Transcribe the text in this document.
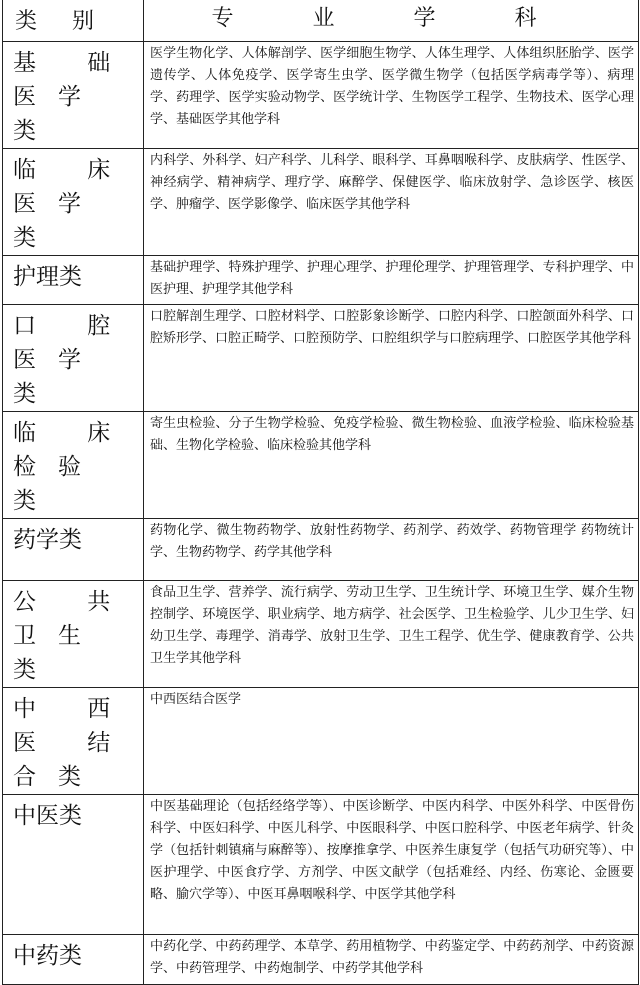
类 别	专 业 学 科
基 础 医学类	医学生物化学、人体解剖学、医学细胞生物学、人体生理学、人体组织胚胎学、医学遗传学、人体免疫学、医学寄生虫学、医学微生物学（包括医学病毒学等）、病理学、药理学、医学实验动物学、医学统计学、生物医学工程学、生物技术、医学心理学、基础医学其他学科
临 床 医学类	内科学、外科学、妇产科学、儿科学、眼科学、耳鼻咽喉科学、皮肤病学、性医学、神经病学、精神病学、理疗学、麻醉学、保健医学、临床放射学、急诊医学、核医学、肿瘤学、医学影像学、临床医学其他学科
护理类	基础护理学、特殊护理学、护理心理学、护理伦理学、护理管理学、专科护理学、中医护理、护理学其他学科
口 腔 医学类	口腔解剖生理学、口腔材料学、口腔影象诊断学、口腔内科学、口腔颌面外科学、口腔矫形学、口腔正畸学、口腔预防学、口腔组织学与口腔病理学、口腔医学其他学科
临 床 检验类	寄生虫检验、分子生物学检验、免疫学检验、微生物检验、血液学检验、临床检验基础、生物化学检验、临床检验其他学科
药学类	药物化学、微生物药物学、放射性药物学、药剂学、药效学、药物管理学 药物统计学、生物药物学、药学其他学科
公 共 卫生类	食品卫生学、营养学、流行病学、劳动卫生学、卫生统计学、环境卫生学、媒介生物控制学、环境医学、职业病学、地方病学、社会医学、卫生检验学、儿少卫生学、妇幼卫生学、毒理学、消毒学、放射卫生学、卫生工程学、优生学、健康教育学、公共卫生学其他学科
中 西 医 结 合类	中西医结合医学
中医类	中医基础理论（包括经络学等）、中医诊断学、中医内科学、中医外科学、中医骨伤科学、中医妇科学、中医儿科学、中医眼科学、中医口腔科学、中医老年病学、针灸学（包括针刺镇痛与麻醉等）、按摩推拿学、中医养生康复学（包括气功研究等）、中医护理学、中医食疗学、方剂学、中医文献学（包括难经、内经、伤寒论、金匮要略、腧穴学等）、中医耳鼻咽喉科学、中医学其他学科
中药类	中药化学、中药药理学、本草学、药用植物学、中药鉴定学、中药药剂学、中药资源学、中药管理学、中药炮制学、中药学其他学科
